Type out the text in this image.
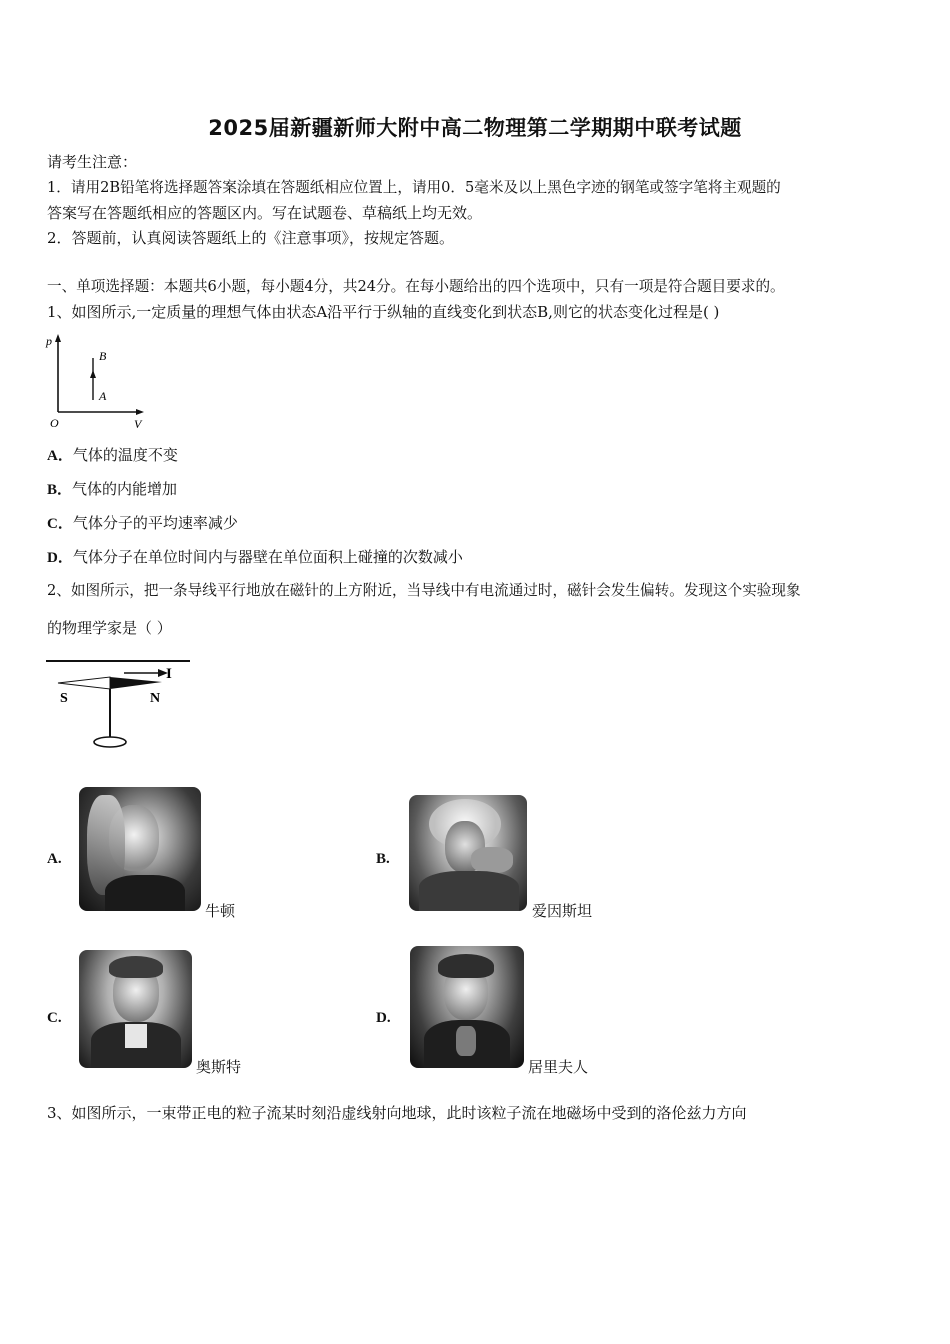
2025届新疆新师大附中高二物理第二学期期中联考试题
请考生注意：
1．请用2B铅笔将选择题答案涂填在答题纸相应位置上，请用0．5毫米及以上黑色字迹的钢笔或签字笔将主观题的
答案写在答题纸相应的答题区内。写在试题卷、草稿纸上均无效。
2．答题前，认真阅读答题纸上的《注意事项》，按规定答题。
一、单项选择题：本题共6小题，每小题4分，共24分。在每小题给出的四个选项中，只有一项是符合题目要求的。
1、如图所示,一定质量的理想气体由状态A沿平行于纵轴的直线变化到状态B,则它的状态变化过程是( )
p
V
O
A
B
A．气体的温度不变
B．气体的内能增加
C．气体分子的平均速率减少
D．气体分子在单位时间内与器壁在单位面积上碰撞的次数减小
2、如图所示，把一条导线平行地放在磁针的上方附近，当导线中有电流通过时，磁针会发生偏转。发现这个实验现象
的物理学家是（ ）
I
S	N
A.
牛顿
B.
爱因斯坦
C.
奥斯特
D.
居里夫人
3、如图所示，一束带正电的粒子流某时刻沿虚线射向地球，此时该粒子流在地磁场中受到的洛伦兹力方向
